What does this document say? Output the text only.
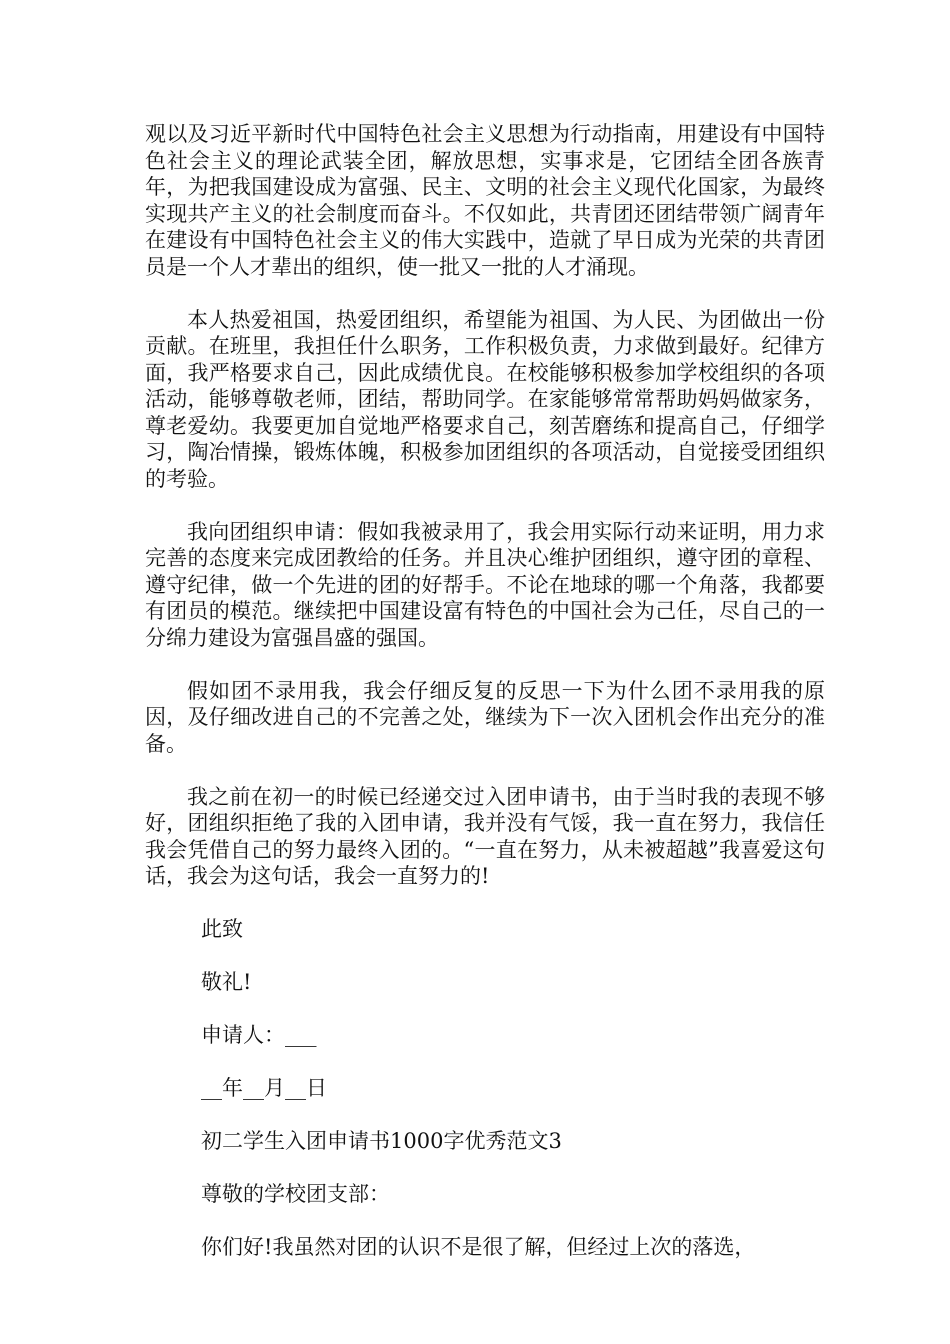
观以及习近平新时代中国特色社会主义思想为行动指南，用建设有中国特色社会主义的理论武装全团，解放思想，实事求是，它团结全团各族青年，为把我国建设成为富强、民主、文明的社会主义现代化国家，为最终实现共产主义的社会制度而奋斗。不仅如此，共青团还团结带领广阔青年在建设有中国特色社会主义的伟大实践中，造就了早日成为光荣的共青团员是一个人才辈出的组织，使一批又一批的人才涌现。

本人热爱祖国，热爱团组织，希望能为祖国、为人民、为团做出一份贡献。在班里，我担任什么职务，工作积极负责，力求做到最好。纪律方面，我严格要求自己，因此成绩优良。在校能够积极参加学校组织的各项活动，能够尊敬老师，团结，帮助同学。在家能够常常帮助妈妈做家务，尊老爱幼。我要更加自觉地严格要求自己，刻苦磨练和提高自己，仔细学习，陶冶情操，锻炼体魄，积极参加团组织的各项活动，自觉接受团组织的考验。

我向团组织申请：假如我被录用了，我会用实际行动来证明，用力求完善的态度来完成团教给的任务。并且决心维护团组织，遵守团的章程、遵守纪律，做一个先进的团的好帮手。不论在地球的哪一个角落，我都要有团员的模范。继续把中国建设富有特色的中国社会为己任，尽自己的一分绵力建设为富强昌盛的强国。

假如团不录用我，我会仔细反复的反思一下为什么团不录用我的原因，及仔细改进自己的不完善之处，继续为下一次入团机会作出充分的准备。

我之前在初一的时候已经递交过入团申请书，由于当时我的表现不够好，团组织拒绝了我的入团申请，我并没有气馁，我一直在努力，我信任我会凭借自己的努力最终入团的。“一直在努力，从未被超越”我喜爱这句话，我会为这句话，我会一直努力的!

此致

敬礼!

申请人：___

__年__月__日

初二学生入团申请书1000字优秀范文3

尊敬的学校团支部：

你们好!我虽然对团的认识不是很了解，但经过上次的落选，
